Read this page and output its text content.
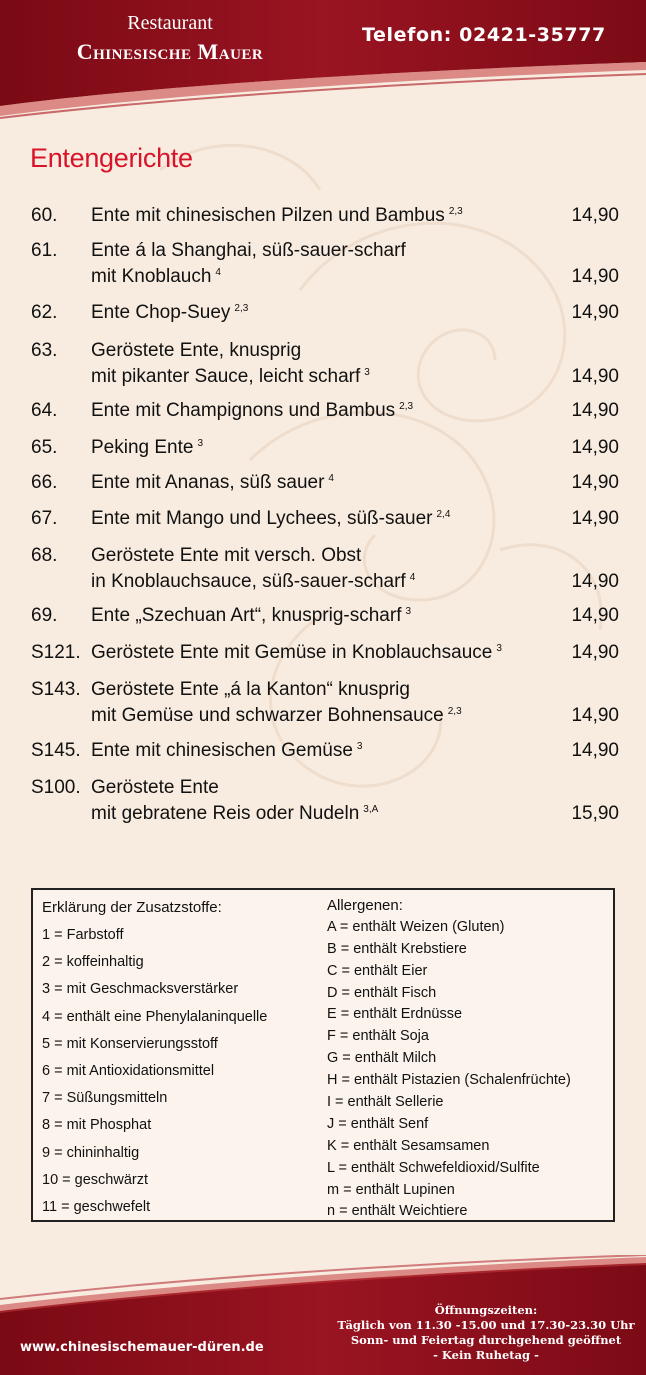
Restaurant
Chinesische Mauer
Telefon: 02421-35777
Entengerichte
60. Ente mit chinesischen Pilzen und Bambus $^{2,3}$	14,90
61. Ente á la Shanghai, süß-sauer-scharf
mit Knoblauch $^4$	14,90
62. Ente Chop-Suey $^{2,3}$	14,90
63. Geröstete Ente, knusprig
mit pikanter Sauce, leicht scharf $^3$	14,90
64. Ente mit Champignons und Bambus $^{2,3}$	14,90
65. Peking Ente $^3$	14,90
66. Ente mit Ananas, süß sauer $^4$	14,90
67. Ente mit Mango und Lychees, süß-sauer $^{2,4}$	14,90
68. Geröstete Ente mit versch. Obst
in Knoblauchsauce, süß-sauer-scharf $^4$	14,90
69. Ente „Szechuan Art“, knusprig-scharf $^3$	14,90
S121. Geröstete Ente mit Gemüse in Knoblauchsauce $^3$	14,90
S143. Geröstete Ente „á la Kanton“ knusprig
mit Gemüse und schwarzer Bohnensauce $^{2,3}$	14,90
S145. Ente mit chinesischen Gemüse $^3$	14,90
S100. Geröstete Ente
mit gebratene Reis oder Nudeln $^{3,A}$	15,90
Erklärung der Zusatzstoffe:
1 = Farbstoff
2 = koffeinhaltig
3 = mit Geschmacksverstärker
4 = enthält eine Phenylalaninquelle
5 = mit Konservierungsstoff
6 = mit Antioxidationsmittel
7 = Süßungsmitteln
8 = mit Phosphat
9 = chininhaltig
10 = geschwärzt
11 = geschwefelt
Allergenen:
A = enthält Weizen (Gluten)
B = enthält Krebstiere
C = enthält Eier
D = enthält Fisch
E = enthält Erdnüsse
F = enthält Soja
G = enthält Milch
H = enthält Pistazien (Schalenfrüchte)
I = enthält Sellerie
J = enthält Senf
K = enthält Sesamsamen
L = enthält Schwefeldioxid/Sulfite
m = enthält Lupinen
n = enthält Weichtiere
www.chinesischemauer-düren.de
Öffnungszeiten:
Täglich von 11.30 -15.00 und 17.30-23.30 Uhr
Sonn- und Feiertag durchgehend geöffnet
- Kein Ruhetag -
